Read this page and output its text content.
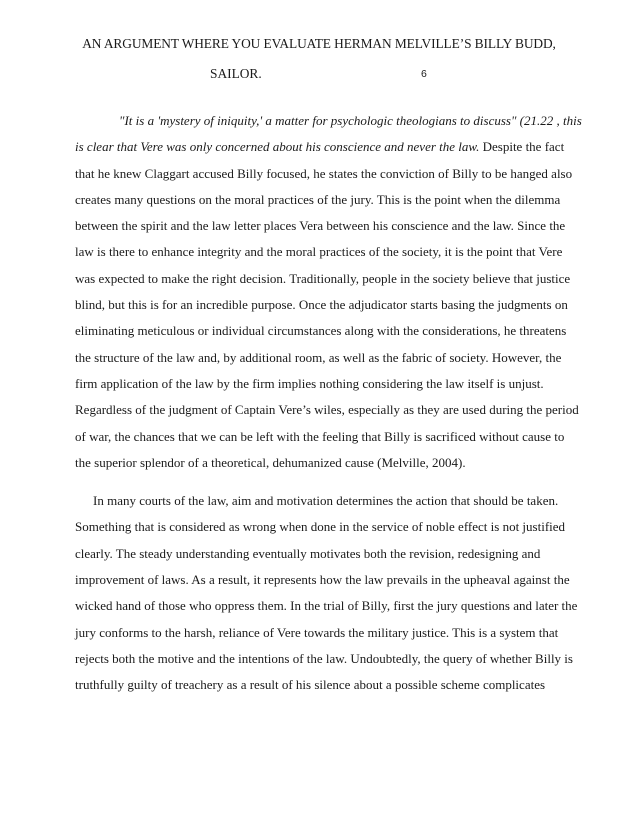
AN ARGUMENT WHERE YOU EVALUATE HERMAN MELVILLE’S BILLY BUDD,
SAILOR.	6
"It is a 'mystery of iniquity,' a matter for psychologic theologians to discuss" (21.22 , this
is clear that Vere was only concerned about his conscience and never the law. Despite the fact
that he knew Claggart accused Billy focused, he states the conviction of Billy to be hanged also
creates many questions on the moral practices of the jury. This is the point when the dilemma
between the spirit and the law letter places Vera between his conscience and the law. Since the
law is there to enhance integrity and the moral practices of the society, it is the point that Vere
was expected to make the right decision. Traditionally, people in the society believe that justice
blind, but this is for an incredible purpose. Once the adjudicator starts basing the judgments on
eliminating meticulous or individual circumstances along with the considerations, he threatens
the structure of the law and, by additional room, as well as the fabric of society. However, the
firm application of the law by the firm implies nothing considering the law itself is unjust.
Regardless of the judgment of Captain Vere’s wiles, especially as they are used during the period
of war, the chances that we can be left with the feeling that Billy is sacrificed without cause to
the superior splendor of a theoretical, dehumanized cause (Melville, 2004).
In many courts of the law, aim and motivation determines the action that should be taken.
Something that is considered as wrong when done in the service of noble effect is not justified
clearly. The steady understanding eventually motivates both the revision, redesigning and
improvement of laws. As a result, it represents how the law prevails in the upheaval against the
wicked hand of those who oppress them. In the trial of Billy, first the jury questions and later the
jury conforms to the harsh, reliance of Vere towards the military justice. This is a system that
rejects both the motive and the intentions of the law. Undoubtedly, the query of whether Billy is
truthfully guilty of treachery as a result of his silence about a possible scheme complicates
